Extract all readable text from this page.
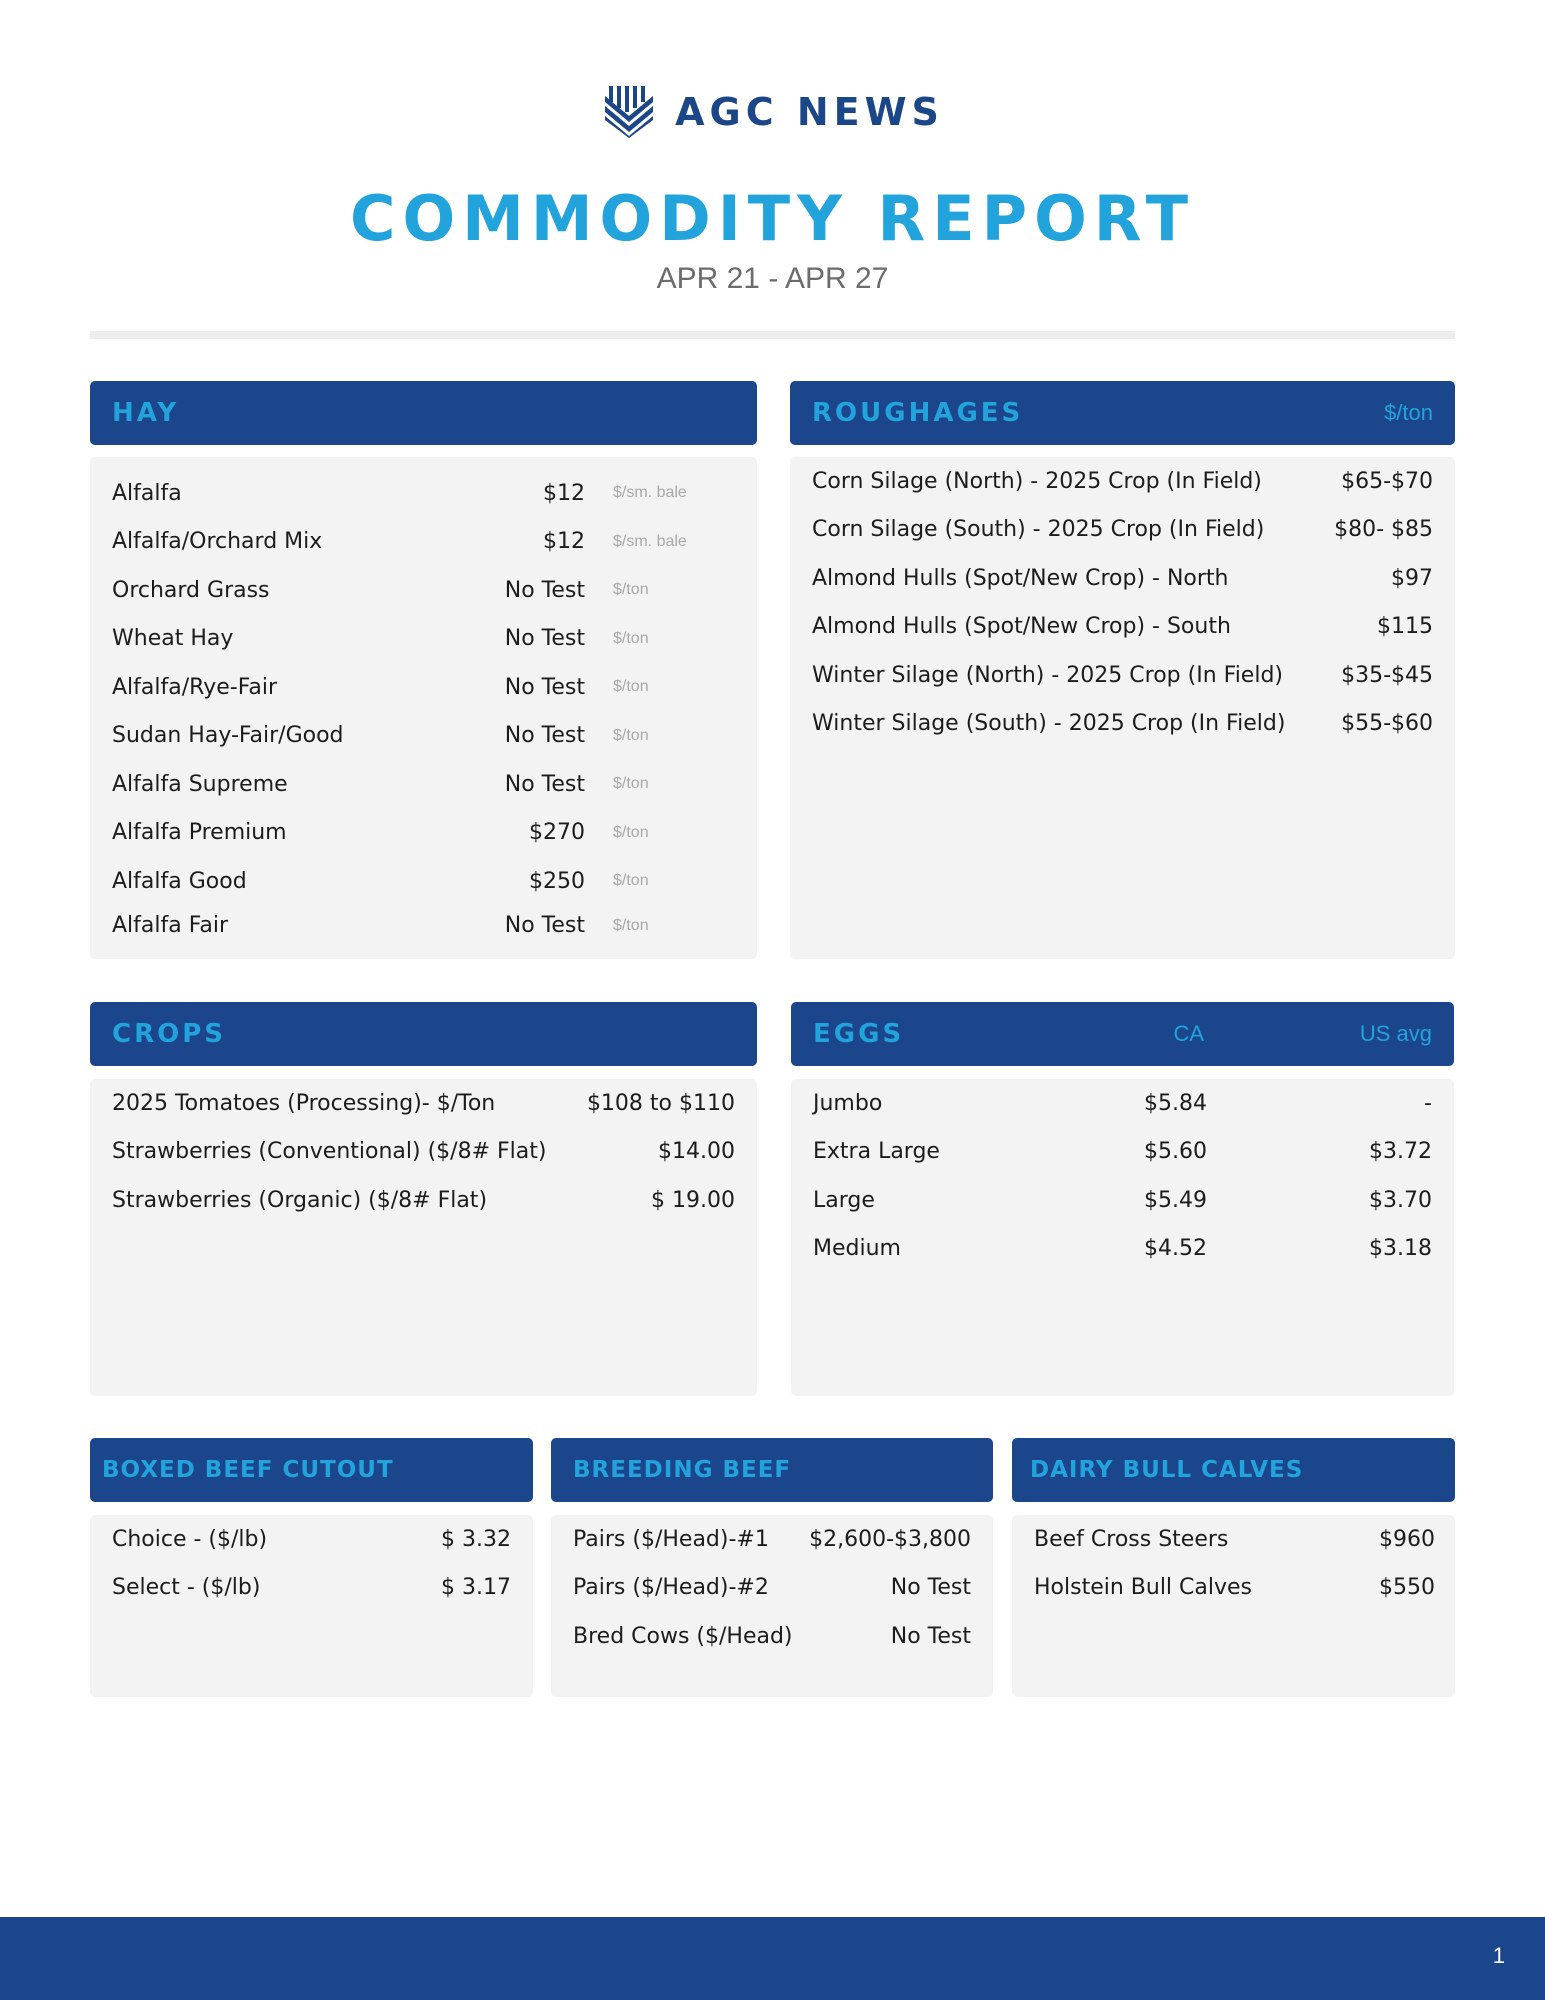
AGC NEWS
COMMODITY REPORT
APR 21 - APR 27
HAY
Alfalfa	$12	$/sm. bale
Alfalfa/Orchard Mix	$12	$/sm. bale
Orchard Grass	No Test	$/ton
Wheat Hay	No Test	$/ton
Alfalfa/Rye-Fair	No Test	$/ton
Sudan Hay-Fair/Good	No Test	$/ton
Alfalfa Supreme	No Test	$/ton
Alfalfa Premium	$270	$/ton
Alfalfa Good	$250	$/ton
Alfalfa Fair	No Test	$/ton
ROUGHAGES	$/ton
Corn Silage (North) - 2025 Crop (In Field)	$65-$70
Corn Silage (South) - 2025 Crop (In Field)	$80- $85
Almond Hulls (Spot/New Crop) - North	$97
Almond Hulls (Spot/New Crop) - South	$115
Winter Silage (North) - 2025 Crop (In Field)	$35-$45
Winter Silage (South) - 2025 Crop (In Field)	$55-$60
CROPS
2025 Tomatoes (Processing)- $/Ton	$108 to $110
Strawberries (Conventional) ($/8# Flat)	$14.00
Strawberries (Organic) ($/8# Flat)	$ 19.00
EGGS	CA	US avg
Jumbo	$5.84	-
Extra Large	$5.60	$3.72
Large	$5.49	$3.70
Medium	$4.52	$3.18
BOXED BEEF CUTOUT
Choice - ($/lb)	$ 3.32
Select - ($/lb)	$ 3.17
BREEDING BEEF
Pairs ($/Head)-#1	$2,600-$3,800
Pairs ($/Head)-#2	No Test
Bred Cows ($/Head)	No Test
DAIRY BULL CALVES
Beef Cross Steers	$960
Holstein Bull Calves	$550
1
